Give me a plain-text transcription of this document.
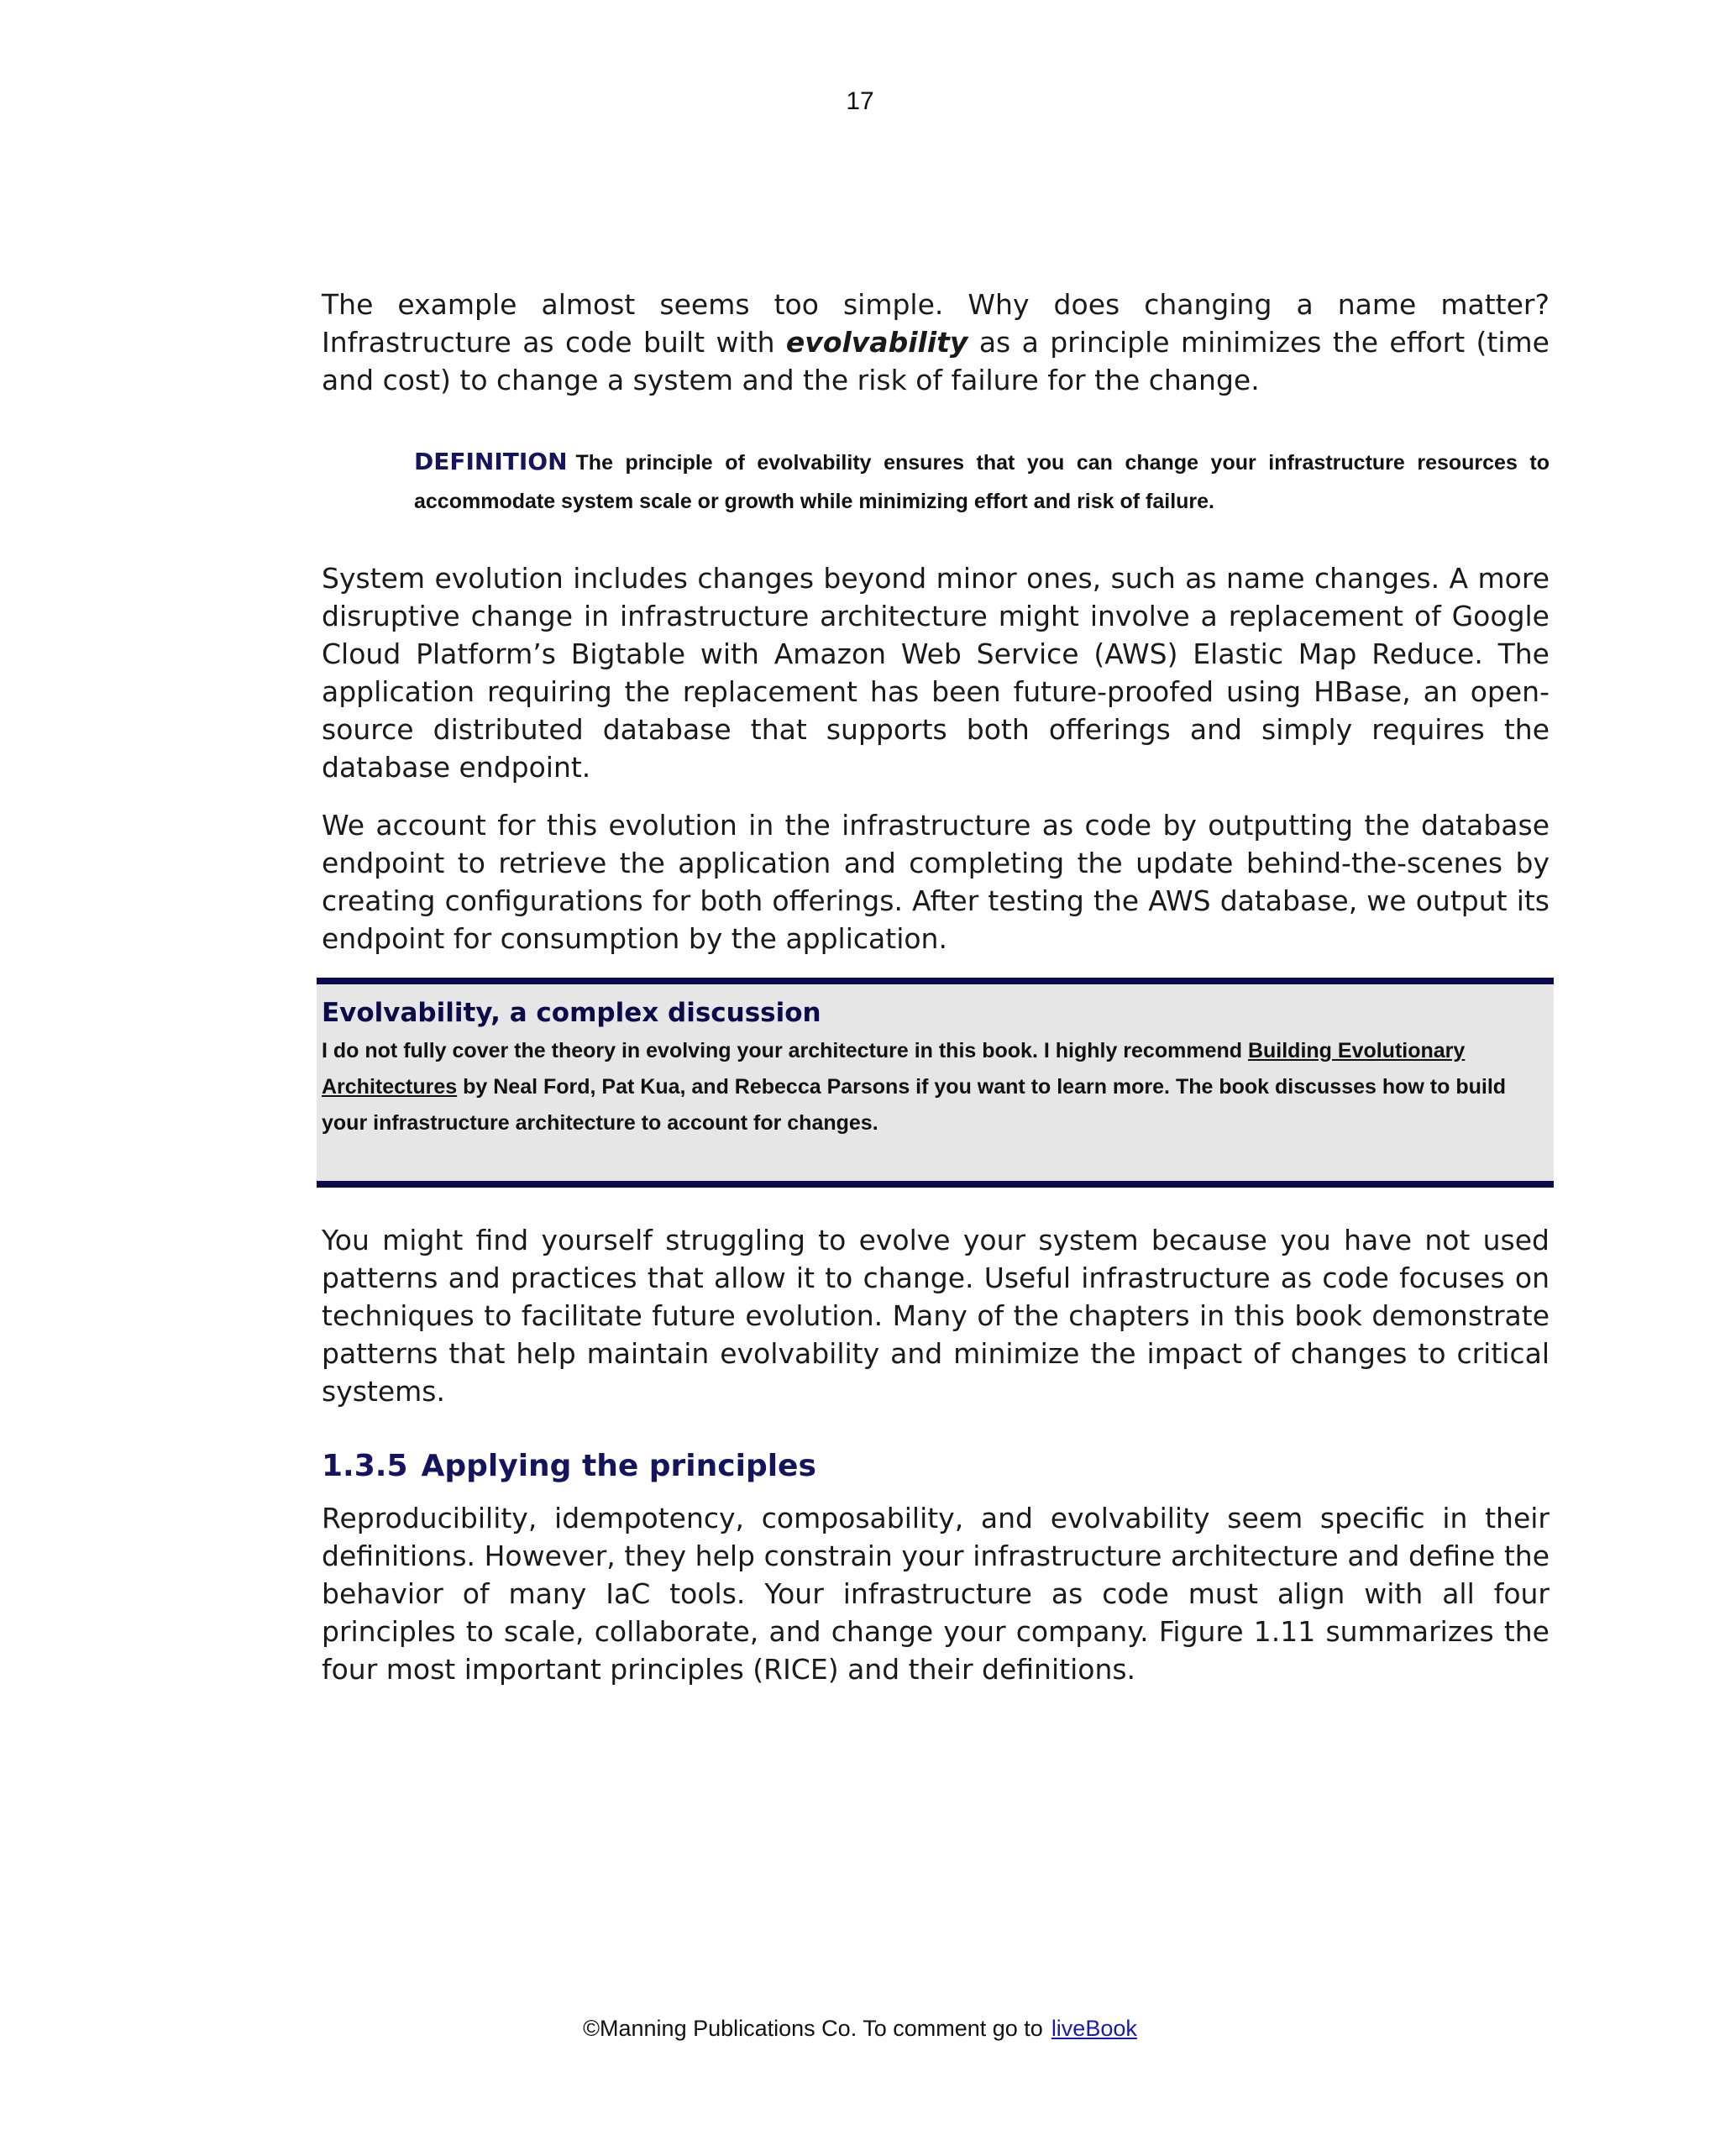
17

The example almost seems too simple. Why does changing a name matter? Infrastructure as code built with evolvability as a principle minimizes the effort (time and cost) to change a system and the risk of failure for the change.

DEFINITION The principle of evolvability ensures that you can change your infrastructure resources to accommodate system scale or growth while minimizing effort and risk of failure.

System evolution includes changes beyond minor ones, such as name changes. A more disruptive change in infrastructure architecture might involve a replacement of Google Cloud Platform’s Bigtable with Amazon Web Service (AWS) Elastic Map Reduce. The application requiring the replacement has been future-proofed using HBase, an open-source distributed database that supports both offerings and simply requires the database endpoint.

We account for this evolution in the infrastructure as code by outputting the database endpoint to retrieve the application and completing the update behind-the-scenes by creating configurations for both offerings. After testing the AWS database, we output its endpoint for consumption by the application.

Evolvability, a complex discussion

I do not fully cover the theory in evolving your architecture in this book. I highly recommend Building Evolutionary Architectures by Neal Ford, Pat Kua, and Rebecca Parsons if you want to learn more. The book discusses how to build your infrastructure architecture to account for changes.

You might find yourself struggling to evolve your system because you have not used patterns and practices that allow it to change. Useful infrastructure as code focuses on techniques to facilitate future evolution. Many of the chapters in this book demonstrate patterns that help maintain evolvability and minimize the impact of changes to critical systems.

1.3.5 Applying the principles

Reproducibility, idempotency, composability, and evolvability seem specific in their definitions. However, they help constrain your infrastructure architecture and define the behavior of many IaC tools. Your infrastructure as code must align with all four principles to scale, collaborate, and change your company. Figure 1.11 summarizes the four most important principles (RICE) and their definitions.

©Manning Publications Co. To comment go to liveBook
